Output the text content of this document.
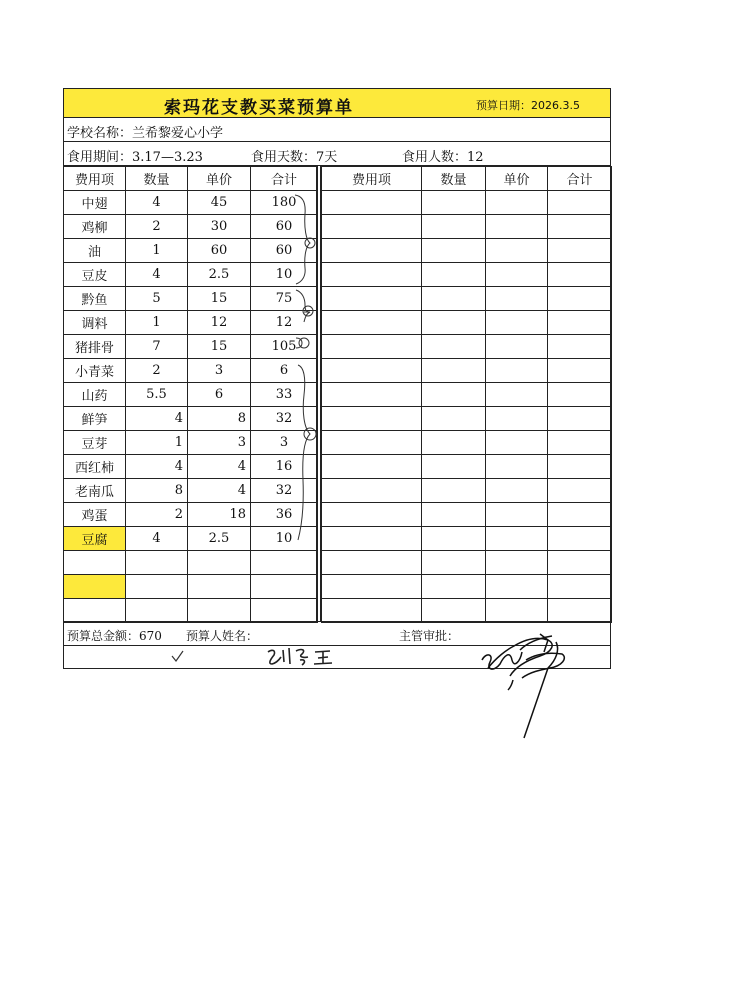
索玛花支教买菜预算单	预算日期：2026.3.5
学校名称：兰希黎爱心小学
食用期间：3.17—3.23	食用天数：7天	食用人数：12
费用项	数量	单价	合计
中翅	4	45	180
鸡柳	2	30	60
油	1	60	60
豆皮	4	2.5	10
黔鱼	5	15	75
调料	1	12	12
猪排骨	7	15	105
小青菜	2	3	6
山药	5.5	6	33
鲜笋	4	8	32
豆芽	1	3	3
西红柿	4	4	16
老南瓜	8	4	32
鸡蛋	2	18	36
豆腐	4	2.5	10

费用项	数量	单价	合计

预算总金额：670 预算人姓名：	主管审批：
